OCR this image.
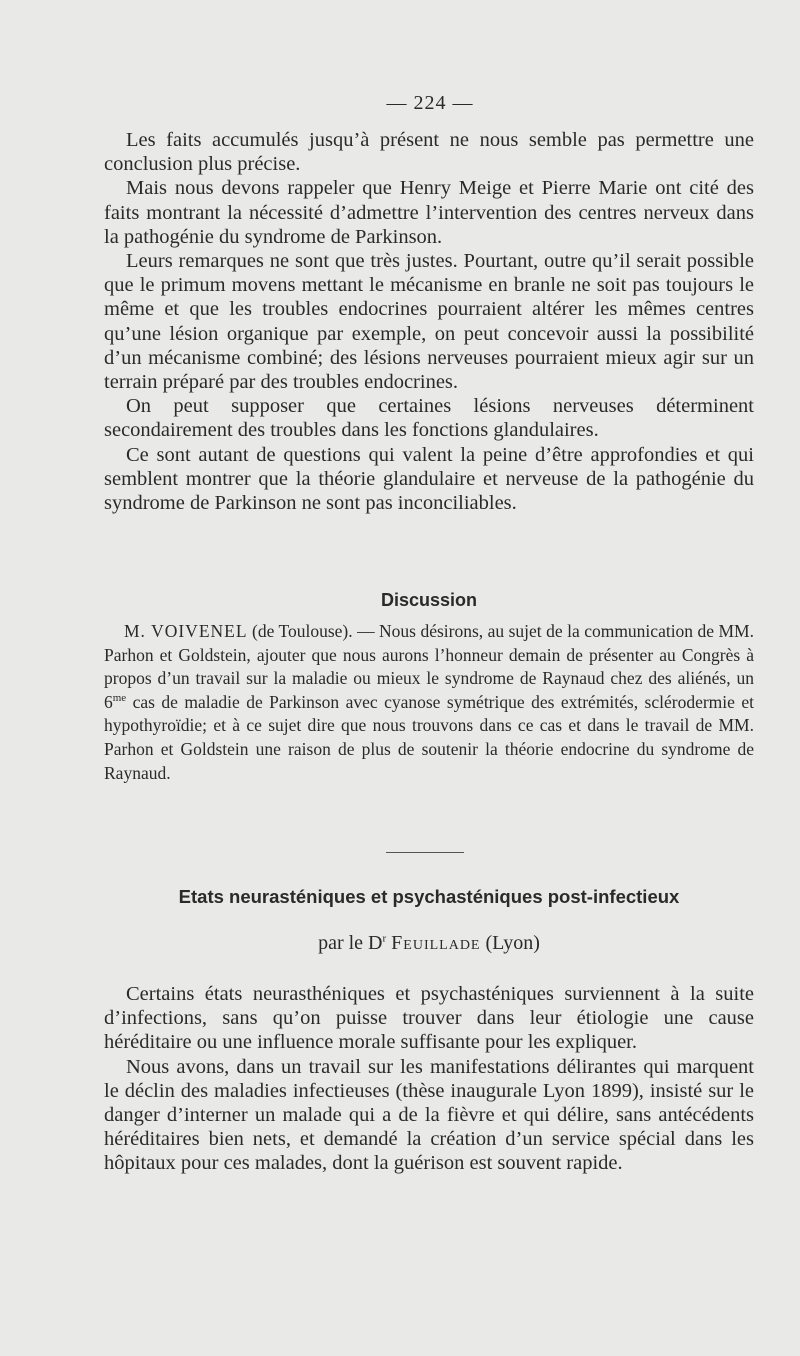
— 224 —

Les faits accumulés jusqu’à présent ne nous semble pas permettre une conclusion plus précise.

Mais nous devons rappeler que Henry Meige et Pierre Marie ont cité des faits montrant la nécessité d’admettre l’intervention des centres nerveux dans la pathogénie du syndrome de Parkinson.

Leurs remarques ne sont que très justes. Pourtant, outre qu’il serait possible que le primum movens mettant le mécanisme en branle ne soit pas toujours le même et que les troubles endocrines pourraient altérer les mêmes centres qu’une lésion organique par exemple, on peut concevoir aussi la possibilité d’un mécanisme combiné; des lésions nerveuses pourraient mieux agir sur un terrain préparé par des troubles endocrines.

On peut supposer que certaines lésions nerveuses déterminent secondairement des troubles dans les fonctions glandulaires.

Ce sont autant de questions qui valent la peine d’être approfondies et qui semblent montrer que la théorie glandulaire et nerveuse de la pathogénie du syndrome de Parkinson ne sont pas inconciliables.

Discussion

M. VOIVENEL (de Toulouse). — Nous désirons, au sujet de la communication de MM. Parhon et Goldstein, ajouter que nous aurons l’honneur demain de présenter au Congrès à propos d’un travail sur la maladie ou mieux le syndrome de Raynaud chez des aliénés, un $6^{me}$ cas de maladie de Parkinson avec cyanose symétrique des extrémités, sclérodermie et hypothyroïdie; et à ce sujet dire que nous trouvons dans ce cas et dans le travail de MM. Parhon et Goldstein une raison de plus de soutenir la théorie endocrine du syndrome de Raynaud.

Etats neurasténiques et psychasténiques post-infectieux
par le $D^r$ Feuillade (Lyon)

Certains états neurasthéniques et psychasténiques surviennent à la suite d’infections, sans qu’on puisse trouver dans leur étiologie une cause héréditaire ou une influence morale suffisante pour les expliquer.

Nous avons, dans un travail sur les manifestations délirantes qui marquent le déclin des maladies infectieuses (thèse inaugurale Lyon 1899), insisté sur le danger d’interner un malade qui a de la fièvre et qui délire, sans antécédents héréditaires bien nets, et demandé la création d’un service spécial dans les hôpitaux pour ces malades, dont la guérison est souvent rapide.
